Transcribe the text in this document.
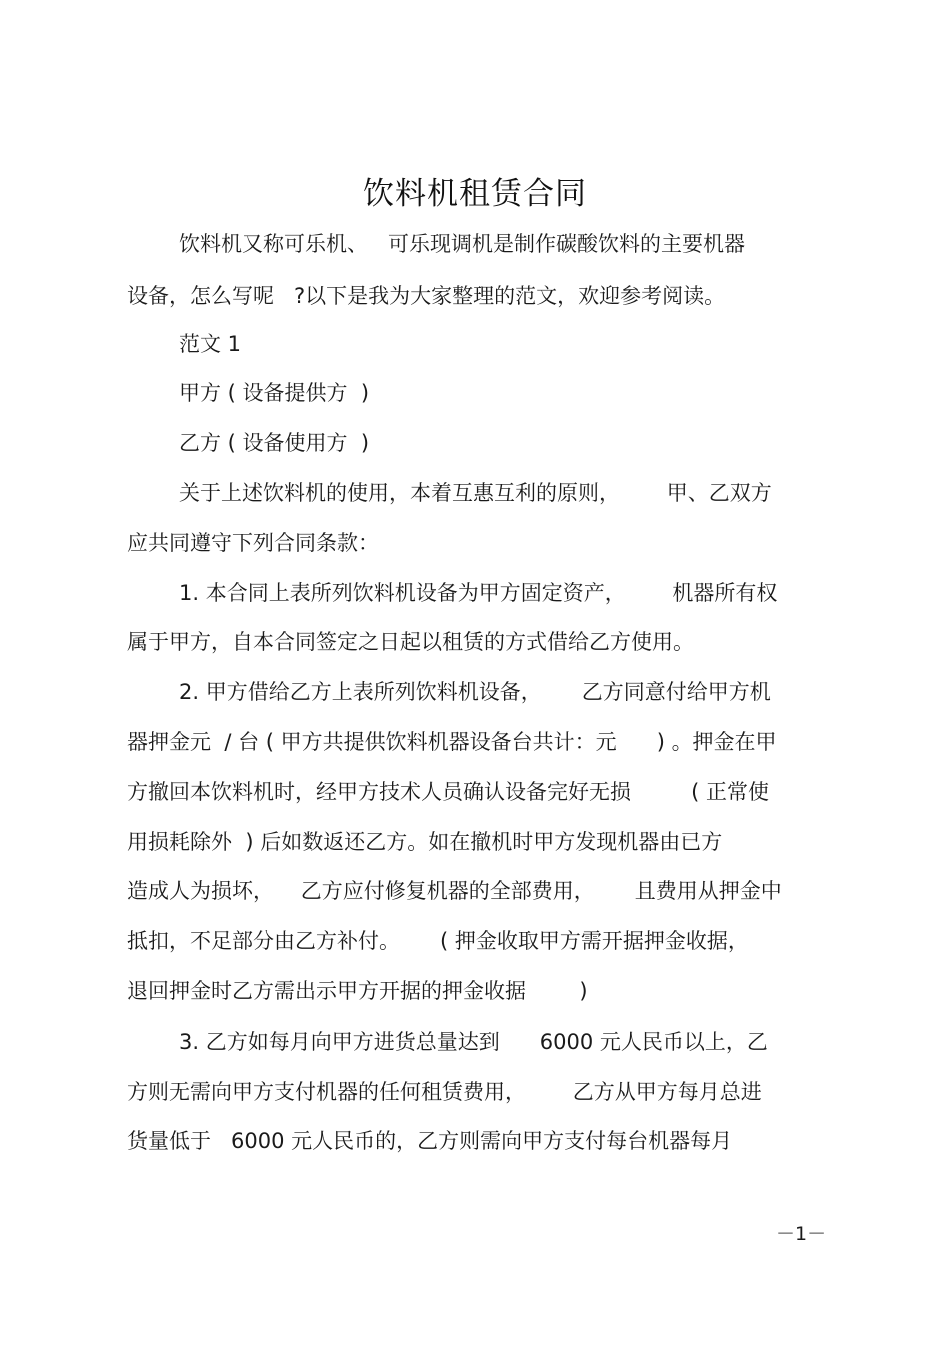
饮料机租赁合同
饮料机又称可乐机、   可乐现调机是制作碳酸饮料的主要机器
设备，怎么写呢   ?以下是我为大家整理的范文，欢迎参考阅读。
范文 1
甲方 ( 设备提供方  )
乙方 ( 设备使用方  )
关于上述饮料机的使用，本着互惠互利的原则，       甲、乙双方
应共同遵守下列合同条款：
1. 本合同上表所列饮料机设备为甲方固定资产，       机器所有权
属于甲方，自本合同签定之日起以租赁的方式借给乙方使用。
2. 甲方借给乙方上表所列饮料机设备，      乙方同意付给甲方机
器押金元  / 台 ( 甲方共提供饮料机器设备台共计：元      ) 。押金在甲
方撤回本饮料机时，经甲方技术人员确认设备完好无损         ( 正常使
用损耗除外  ) 后如数返还乙方。如在撤机时甲方发现机器由已方
造成人为损坏，    乙方应付修复机器的全部费用，      且费用从押金中
抵扣，不足部分由乙方补付。      ( 押金收取甲方需开据押金收据，
退回押金时乙方需出示甲方开据的押金收据        )
3. 乙方如每月向甲方进货总量达到      6000 元人民币以上，乙
方则无需向甲方支付机器的任何租赁费用，       乙方从甲方每月总进
货量低于   6000 元人民币的，乙方则需向甲方支付每台机器每月
－1－
